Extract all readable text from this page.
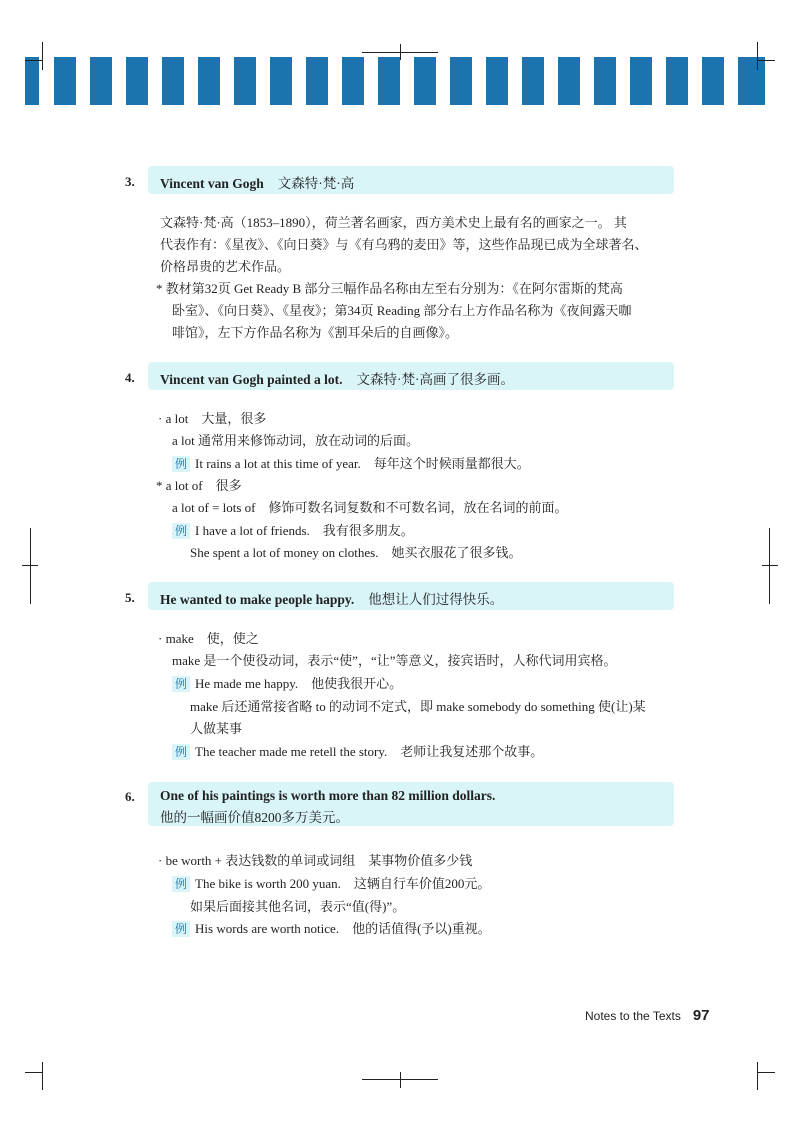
3. Vincent van Gogh 文森特·梵·高
文森特·梵·高（1853–1890），荷兰著名画家，西方美术史上最有名的画家之一。 其
代表作有：《星夜》、《向日葵》与《有乌鸦的麦田》等，这些作品现已成为全球著名、
价格昂贵的艺术作品。
* 教材第32页 Get Ready B 部分三幅作品名称由左至右分别为：《在阿尔雷斯的梵高
卧室》、《向日葵》、《星夜》；第34页 Reading 部分右上方作品名称为《夜间露天咖
啡馆》，左下方作品名称为《割耳朵后的自画像》。
4. Vincent van Gogh painted a lot. 文森特·梵·高画了很多画。
· a lot　大量，很多
a lot 通常用来修饰动词，放在动词的后面。
例 It rains a lot at this time of year.　每年这个时候雨量都很大。
* a lot of　很多
a lot of = lots of　修饰可数名词复数和不可数名词，放在名词的前面。
例 I have a lot of friends.　我有很多朋友。
She spent a lot of money on clothes.　她买衣服花了很多钱。
5. He wanted to make people happy. 他想让人们过得快乐。
· make　使，使之
make 是一个使役动词，表示“使”，“让”等意义，接宾语时，人称代词用宾格。
例 He made me happy.　他使我很开心。
make 后还通常接省略 to 的动词不定式，即 make somebody do something 使(让)某
人做某事
例 The teacher made me retell the story.　老师让我复述那个故事。
6. One of his paintings is worth more than 82 million dollars.
他的一幅画价值8200多万美元。
· be worth + 表达钱数的单词或词组　某事物价值多少钱
例 The bike is worth 200 yuan.　这辆自行车价值200元。
如果后面接其他名词，表示“值(得)”。
例 His words are worth notice.　他的话值得(予以)重视。
Notes to the Texts 97
